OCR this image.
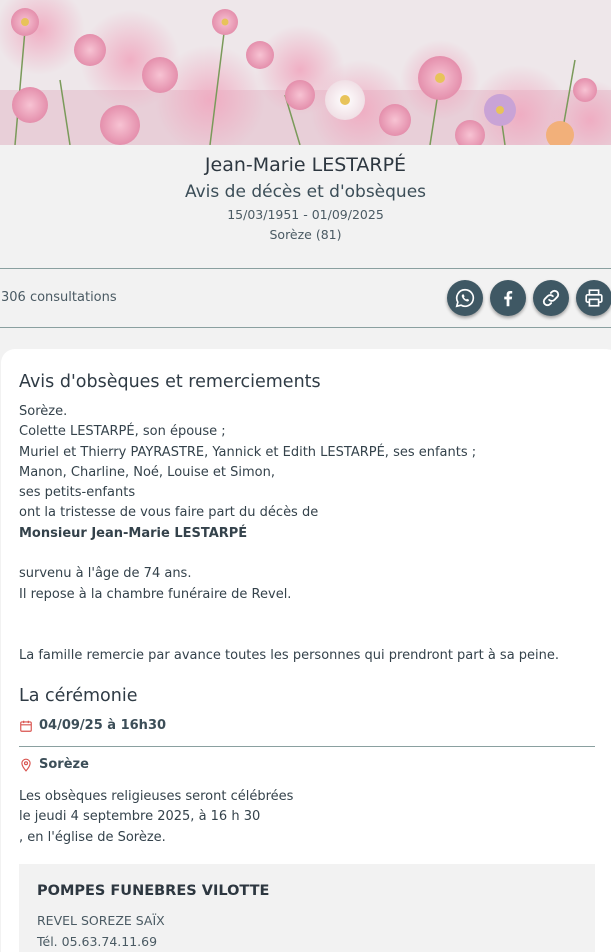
Jean-Marie LESTARPÉ
Avis de décès et d'obsèques
15/03/1951 - 01/09/2025
Sorèze (81)
306 consultations
Avis d'obsèques et remerciements
Sorèze.
Colette LESTARPÉ, son épouse ;
Muriel et Thierry PAYRASTRE, Yannick et Edith LESTARPÉ, ses enfants ;
Manon, Charline, Noé, Louise et Simon,
ses petits-enfants
ont la tristesse de vous faire part du décès de
Monsieur Jean-Marie LESTARPÉ
survenu à l'âge de 74 ans.
Il repose à la chambre funéraire de Revel.
La famille remercie par avance toutes les personnes qui prendront part à sa peine.
La cérémonie
04/09/25 à 16h30
Sorèze
Les obsèques religieuses seront célébrées
le jeudi 4 septembre 2025, à 16 h 30
, en l'église de Sorèze.
POMPES FUNEBRES VILOTTE
REVEL SOREZE SAÏX
Tél. 05.63.74.11.69
